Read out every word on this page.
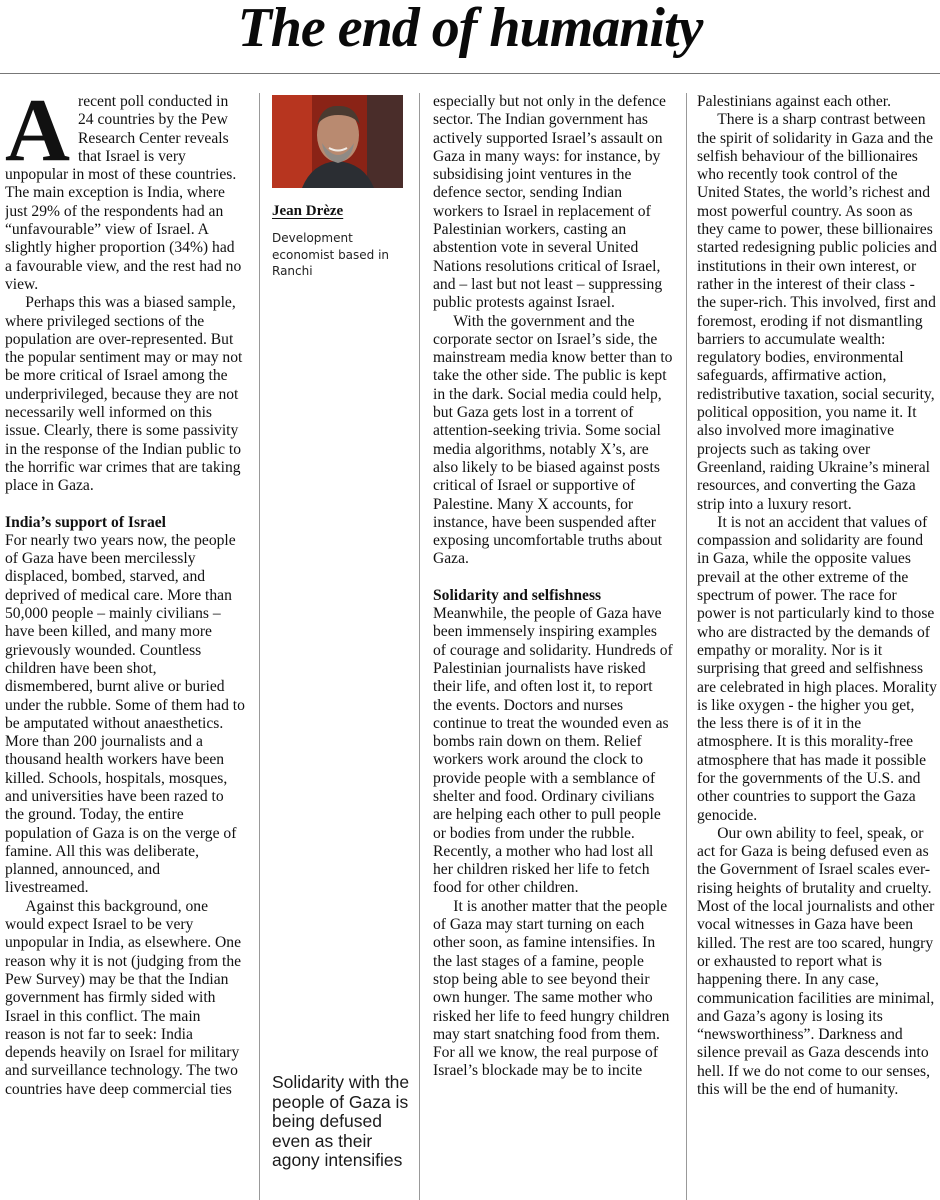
The end of humanity

Arecent poll conducted in 24 countries by the Pew Research Center reveals that Israel is very unpopular in most of these countries. The main exception is India, where just 29% of the respondents had an “unfavourable” view of Israel. A slightly higher proportion (34%) had a favourable view, and the rest had no view.

Perhaps this was a biased sample, where privileged sections of the population are over-represented. But the popular sentiment may or may not be more critical of Israel among the underprivileged, because they are not necessarily well informed on this issue. Clearly, there is some passivity in the response of the Indian public to the horrific war crimes that are taking place in Gaza.

India’s support of Israel

For nearly two years now, the people of Gaza have been mercilessly displaced, bombed, starved, and deprived of medical care. More than 50,000 people – mainly civilians – have been killed, and many more grievously wounded. Countless children have been shot, dismembered, burnt alive or buried under the rubble. Some of them had to be amputated without anaesthetics. More than 200 journalists and a thousand health workers have been killed. Schools, hospitals, mosques, and universities have been razed to the ground. Today, the entire population of Gaza is on the verge of famine. All this was deliberate, planned, announced, and livestreamed.

Against this background, one would expect Israel to be very unpopular in India, as elsewhere. One reason why it is not (judging from the Pew Survey) may be that the Indian government has firmly sided with Israel in this conflict. The main reason is not far to seek: India depends heavily on Israel for military and surveillance technology. The two countries have deep commercial ties

Jean Drèze
Development economist based in Ranchi
Solidarity with the people of Gaza is being defused even as their agony intensifies

especially but not only in the defence sector. The Indian government has actively supported Israel’s assault on Gaza in many ways: for instance, by subsidising joint ventures in the defence sector, sending Indian workers to Israel in replacement of Palestinian workers, casting an abstention vote in several United Nations resolutions critical of Israel, and – last but not least – suppressing public protests against Israel.

With the government and the corporate sector on Israel’s side, the mainstream media know better than to take the other side. The public is kept in the dark. Social media could help, but Gaza gets lost in a torrent of attention-seeking trivia. Some social media algorithms, notably X’s, are also likely to be biased against posts critical of Israel or supportive of Palestine. Many X accounts, for instance, have been suspended after exposing uncomfortable truths about Gaza.

Solidarity and selfishness

Meanwhile, the people of Gaza have been immensely inspiring examples of courage and solidarity. Hundreds of Palestinian journalists have risked their life, and often lost it, to report the events. Doctors and nurses continue to treat the wounded even as bombs rain down on them. Relief workers work around the clock to provide people with a semblance of shelter and food. Ordinary civilians are helping each other to pull people or bodies from under the rubble. Recently, a mother who had lost all her children risked her life to fetch food for other children.

It is another matter that the people of Gaza may start turning on each other soon, as famine intensifies. In the last stages of a famine, people stop being able to see beyond their own hunger. The same mother who risked her life to feed hungry children may start snatching food from them. For all we know, the real purpose of Israel’s blockade may be to incite

Palestinians against each other.

There is a sharp contrast between the spirit of solidarity in Gaza and the selfish behaviour of the billionaires who recently took control of the United States, the world’s richest and most powerful country. As soon as they came to power, these billionaires started redesigning public policies and institutions in their own interest, or rather in the interest of their class - the super-rich. This involved, first and foremost, eroding if not dismantling barriers to accumulate wealth: regulatory bodies, environmental safeguards, affirmative action, redistributive taxation, social security, political opposition, you name it. It also involved more imaginative projects such as taking over Greenland, raiding Ukraine’s mineral resources, and converting the Gaza strip into a luxury resort.

It is not an accident that values of compassion and solidarity are found in Gaza, while the opposite values prevail at the other extreme of the spectrum of power. The race for power is not particularly kind to those who are distracted by the demands of empathy or morality. Nor is it surprising that greed and selfishness are celebrated in high places. Morality is like oxygen - the higher you get, the less there is of it in the atmosphere. It is this morality-free atmosphere that has made it possible for the governments of the U.S. and other countries to support the Gaza genocide.

Our own ability to feel, speak, or act for Gaza is being defused even as the Government of Israel scales ever-rising heights of brutality and cruelty. Most of the local journalists and other vocal witnesses in Gaza have been killed. The rest are too scared, hungry or exhausted to report what is happening there. In any case, communication facilities are minimal, and Gaza’s agony is losing its “newsworthiness”. Darkness and silence prevail as Gaza descends into hell. If we do not come to our senses, this will be the end of humanity.
